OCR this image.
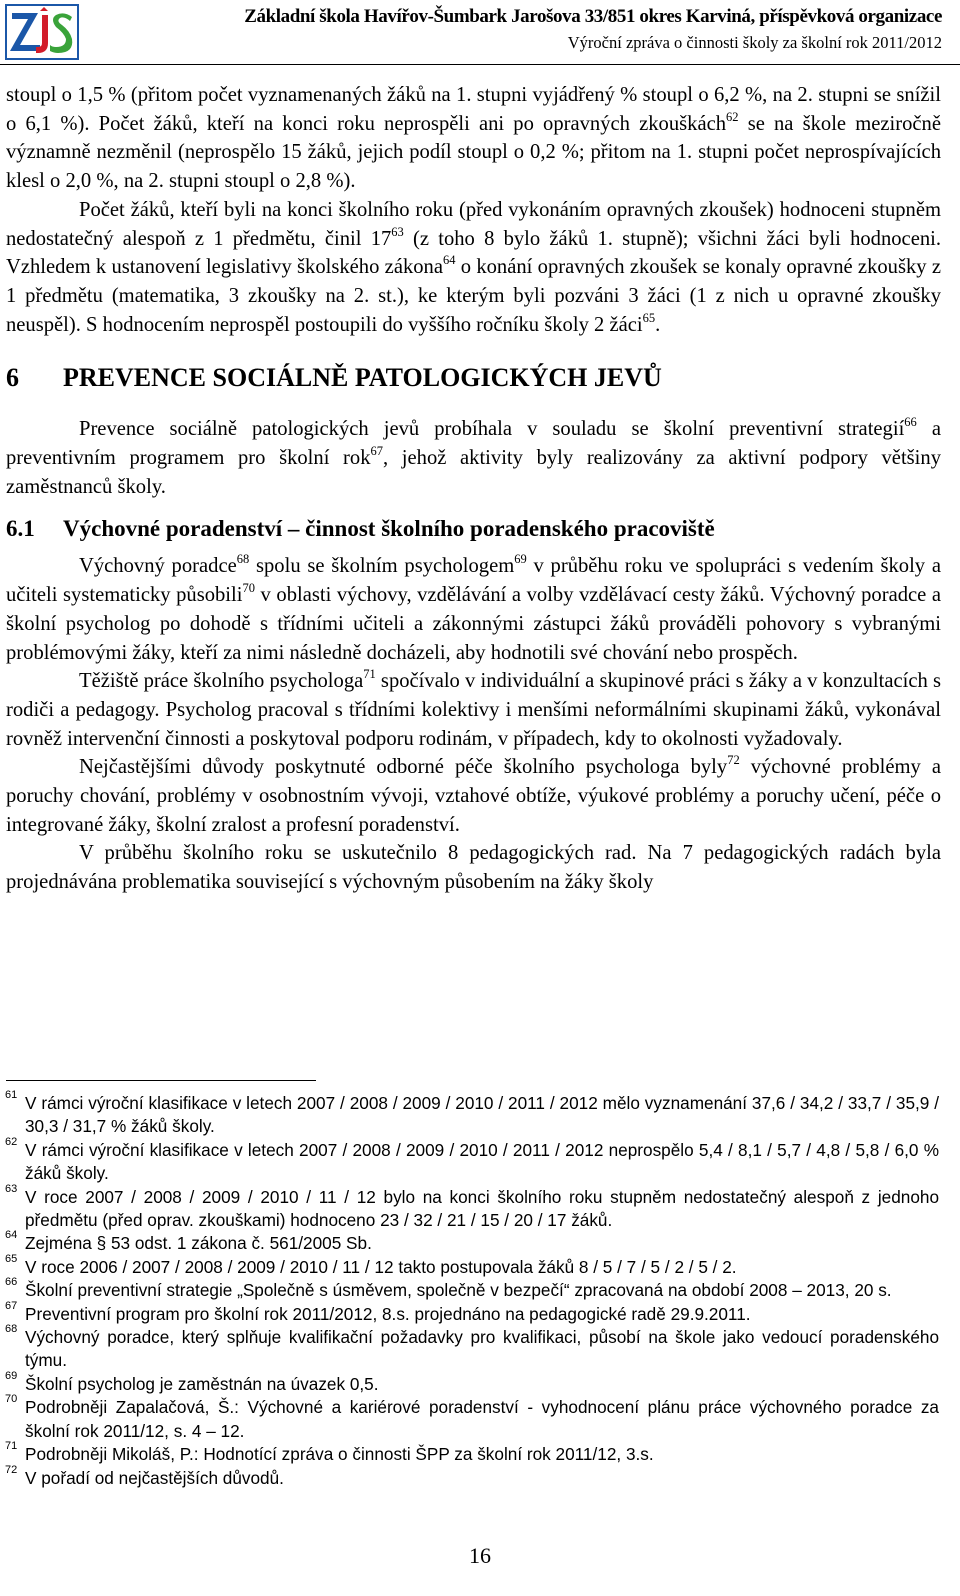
Základní škola Havířov-Šumbark Jarošova 33/851 okres Karviná, příspěvková organizace
Výroční zpráva o činnosti školy za školní rok 2011/2012

stoupl o 1,5 % (přitom počet vyznamenaných žáků na 1. stupni vyjádřený % stoupl o 6,2 %, na 2. stupni se snížil o 6,1 %). Počet žáků, kteří na konci roku neprospěli ani po opravných zkouškách$^{62}$ se na škole meziročně významně nezměnil (neprospělo 15 žáků, jejich podíl stoupl o 0,2 %; přitom na 1. stupni počet neprospívajících klesl o 2,0 %, na 2. stupni stoupl o 2,8 %).

Počet žáků, kteří byli na konci školního roku (před vykonáním opravných zkoušek) hodnoceni stupněm nedostatečný alespoň z 1 předmětu, činil $17^{63}$ (z toho 8 bylo žáků 1. stupně); všichni žáci byli hodnoceni. Vzhledem k ustanovení legislativy školského zákona$^{64}$ o konání opravných zkoušek se konaly opravné zkoušky z 1 předmětu (matematika, 3 zkoušky na 2. st.), ke kterým byli pozváni 3 žáci (1 z nich u opravné zkoušky neuspěl). S hodnocením neprospěl postoupili do vyššího ročníku školy 2 žáci$^{65}$.

6 PREVENCE SOCIÁLNĚ PATOLOGICKÝCH JEVŮ

Prevence sociálně patologických jevů probíhala v souladu se školní preventivní strategií$^{66}$ a preventivním programem pro školní rok$^{67}$, jehož aktivity byly realizovány za aktivní podpory většiny zaměstnanců školy.

6.1 Výchovné poradenství – činnost školního poradenského pracoviště

Výchovný poradce$^{68}$ spolu se školním psychologem$^{69}$ v průběhu roku ve spolupráci s vedením školy a učiteli systematicky působili$^{70}$ v oblasti výchovy, vzdělávání a volby vzdělávací cesty žáků. Výchovný poradce a školní psycholog po dohodě s třídními učiteli a zákonnými zástupci žáků prováděli pohovory s vybranými problémovými žáky, kteří za nimi následně docházeli, aby hodnotili své chování nebo prospěch.

Těžiště práce školního psychologa$^{71}$ spočívalo v individuální a skupinové práci s žáky a v konzultacích s rodiči a pedagogy. Psycholog pracoval s třídními kolektivy i menšími neformálními skupinami žáků, vykonával rovněž intervenční činnosti a poskytoval podporu rodinám, v případech, kdy to okolnosti vyžadovaly.

Nejčastějšími důvody poskytnuté odborné péče školního psychologa byly$^{72}$ výchovné problémy a poruchy chování, problémy v osobnostním vývoji, vztahové obtíže, výukové problémy a poruchy učení, péče o integrované žáky, školní zralost a profesní poradenství.

V průběhu školního roku se uskutečnilo 8 pedagogických rad. Na 7 pedagogických radách byla projednávána problematika související s výchovným působením na žáky školy

61 V rámci výroční klasifikace v letech 2007 / 2008 / 2009 / 2010 / 2011 / 2012 mělo vyznamenání 37,6 / 34,2 / 33,7 / 35,9 / 30,3 / 31,7 % žáků školy.
62 V rámci výroční klasifikace v letech 2007 / 2008 / 2009 / 2010 / 2011 / 2012 neprospělo 5,4 / 8,1 / 5,7 / 4,8 / 5,8 / 6,0 % žáků školy.
63 V roce 2007 / 2008 / 2009 / 2010 / 11 / 12 bylo na konci školního roku stupněm nedostatečný alespoň z jednoho předmětu (před oprav. zkouškami) hodnoceno 23 / 32 / 21 / 15 / 20 / 17 žáků.
64 Zejména § 53 odst. 1 zákona č. 561/2005 Sb.
65 V roce 2006 / 2007 / 2008 / 2009 / 2010 / 11 / 12 takto postupovala žáků 8 / 5 / 7 / 5 / 2 / 5 / 2.
66 Školní preventivní strategie „Společně s úsměvem, společně v bezpečí“ zpracovaná na období 2008 – 2013, 20 s.
67 Preventivní program pro školní rok 2011/2012, 8.s. projednáno na pedagogické radě 29.9.2011.
68 Výchovný poradce, který splňuje kvalifikační požadavky pro kvalifikaci, působí na škole jako vedoucí poradenského týmu.
69 Školní psycholog je zaměstnán na úvazek 0,5.
70 Podrobněji Zapalačová, Š.: Výchovné a kariérové poradenství - vyhodnocení plánu práce výchovného poradce za školní rok 2011/12, s. 4 – 12.
71 Podrobněji Mikoláš, P.: Hodnotící zpráva o činnosti ŠPP za školní rok 2011/12, 3.s.
72 V pořadí od nejčastějších důvodů.
16
